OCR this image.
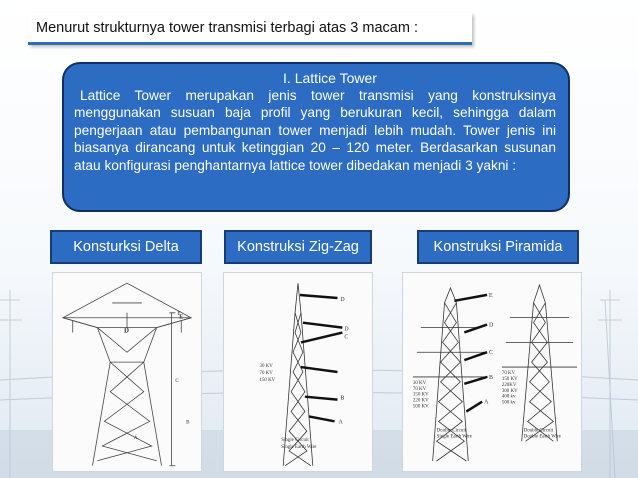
Menurut strukturnya tower transmisi terbagi atas 3 macam :
I. Lattice Tower
Lattice Tower merupakan jenis tower transmisi yang konstruksinya menggunakan susuan baja profil yang berukuran kecil, sehingga dalam pengerjaan atau pembangunan tower menjadi lebih mudah. Tower jenis ini biasanya dirancang untuk ketinggian 20 – 120 meter. Berdasarkan susunan atau konfigurasi penghantarnya lattice tower dibedakan menjadi 3 yakni :
Konsturksi Delta	Konstruksi Zig-Zag	Konstruksi Piramida
D
E
E
C
B
A
D
D
C
B
A
30 KV
70 KV
150 KV
Single Circuit
Single Earth Wire
E
D
C
B
A
30 KV
70 KV
150 KV
220 KV
500 KV
70 KV
150 KV
220KV
300 KV
400 kv
500 kv
Double Circuit
Single Earth Wire
Double Circuit
Double Earth Wire
